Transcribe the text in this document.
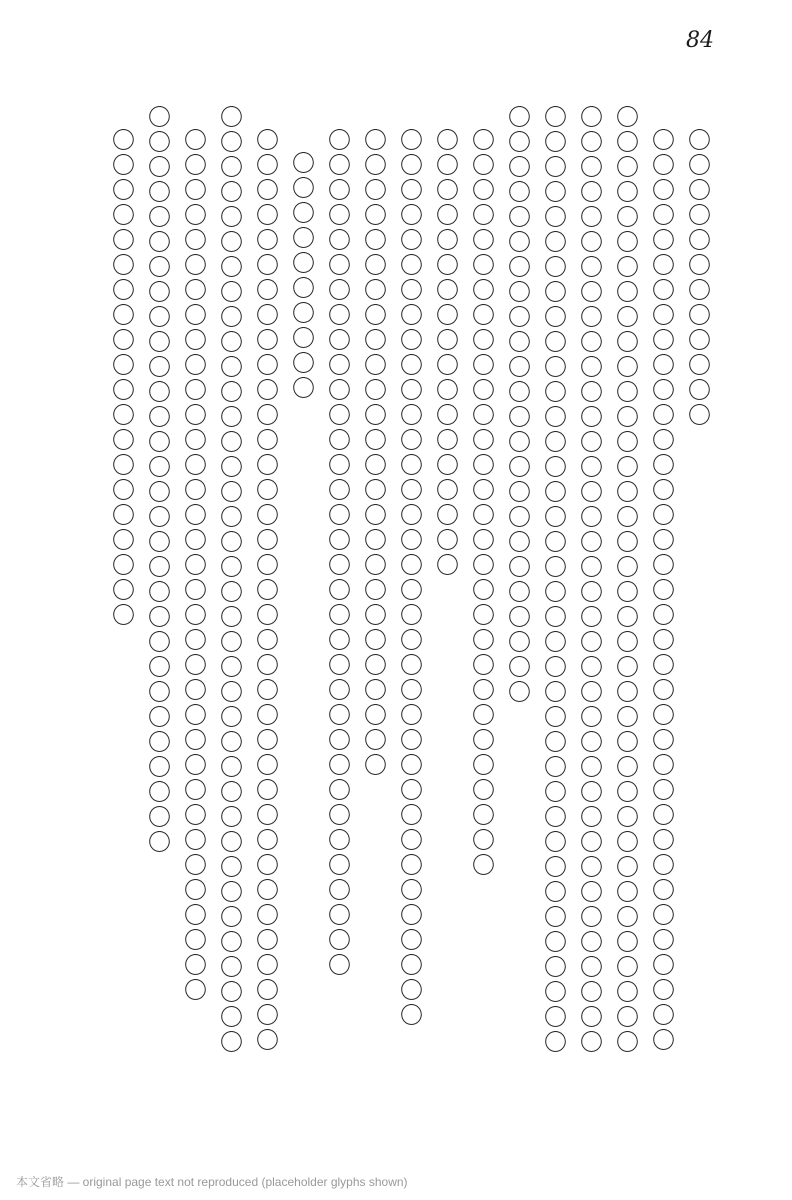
84
〇〇〇〇〇〇〇〇〇〇〇〇
〇〇〇〇〇〇〇〇〇〇〇〇〇〇〇〇〇〇〇〇〇〇〇〇〇〇〇〇〇〇〇〇〇〇〇〇〇
〇〇〇〇〇〇〇〇〇〇〇〇〇〇〇〇〇〇〇〇〇〇〇〇〇〇〇〇〇〇〇〇〇〇〇〇〇〇
〇〇〇〇〇〇〇〇〇〇〇〇〇〇〇〇〇〇〇〇〇〇〇〇〇〇〇〇〇〇〇〇〇〇〇〇〇〇
〇〇〇〇〇〇〇〇〇〇〇〇〇〇〇〇〇〇〇〇〇〇〇〇〇〇〇〇〇〇〇〇〇〇〇〇〇〇
〇〇〇〇〇〇〇〇〇〇〇〇〇〇〇〇〇〇〇〇〇〇〇〇
〇〇〇〇〇〇〇〇〇〇〇〇〇〇〇〇〇〇〇〇〇〇〇〇〇〇〇〇〇〇
〇〇〇〇〇〇〇〇〇〇〇〇〇〇〇〇〇〇
〇〇〇〇〇〇〇〇〇〇〇〇〇〇〇〇〇〇〇〇〇〇〇〇〇〇〇〇〇〇〇〇〇〇〇〇
〇〇〇〇〇〇〇〇〇〇〇〇〇〇〇〇〇〇〇〇〇〇〇〇〇〇
〇〇〇〇〇〇〇〇〇〇〇〇〇〇〇〇〇〇〇〇〇〇〇〇〇〇〇〇〇〇〇〇〇〇
〇〇〇〇〇〇〇〇〇〇
〇〇〇〇〇〇〇〇〇〇〇〇〇〇〇〇〇〇〇〇〇〇〇〇〇〇〇〇〇〇〇〇〇〇〇〇〇
〇〇〇〇〇〇〇〇〇〇〇〇〇〇〇〇〇〇〇〇〇〇〇〇〇〇〇〇〇〇〇〇〇〇〇〇〇〇
〇〇〇〇〇〇〇〇〇〇〇〇〇〇〇〇〇〇〇〇〇〇〇〇〇〇〇〇〇〇〇〇〇〇〇
〇〇〇〇〇〇〇〇〇〇〇〇〇〇〇〇〇〇〇〇〇〇〇〇〇〇〇〇〇〇
〇〇〇〇〇〇〇〇〇〇〇〇〇〇〇〇〇〇〇〇
本文省略 — original page text not reproduced (placeholder glyphs shown)
